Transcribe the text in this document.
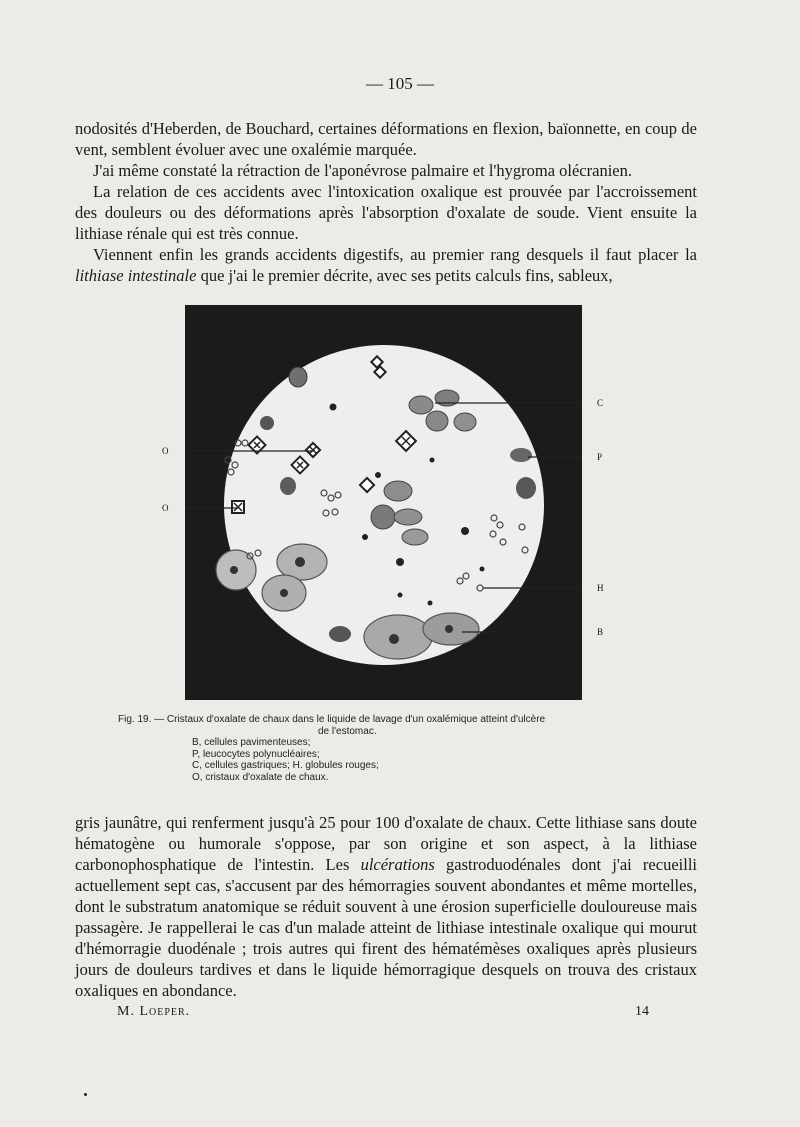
— 105 —

nodosités d'Heberden, de Bouchard, certaines déformations en flexion, baïonnette, en coup de vent, semblent évoluer avec une oxalémie marquée.

J'ai même constaté la rétraction de l'aponévrose palmaire et l'hygroma olécranien.

La relation de ces accidents avec l'intoxication oxalique est prouvée par l'accroissement des douleurs ou des déformations après l'absorption d'oxalate de soude. Vient ensuite la lithiase rénale qui est très connue.

Viennent enfin les grands accidents digestifs, au premier rang desquels il faut placer la lithiase intestinale que j'ai le premier décrite, avec ses petits calculs fins, sableux,

O
O
C
P
H
B
Fig. 19. — Cristaux d'oxalate de chaux dans le liquide de lavage d'un oxalémique atteint d'ulcère
de l'estomac.
B, cellules pavimenteuses;
P, leucocytes polynucléaires;
C, cellules gastriques; H. globules rouges;
O, cristaux d'oxalate de chaux.

gris jaunâtre, qui renferment jusqu'à 25 pour 100 d'oxalate de chaux. Cette lithiase sans doute hématogène ou humorale s'oppose, par son origine et son aspect, à la lithiase carbonophosphatique de l'intestin. Les ulcérations gastroduodénales dont j'ai recueilli actuellement sept cas, s'accusent par des hémorragies souvent abondantes et même mortelles, dont le substratum anatomique se réduit souvent à une érosion superficielle douloureuse mais passagère. Je rappellerai le cas d'un malade atteint de lithiase intestinale oxalique qui mourut d'hémorragie duodénale ; trois autres qui firent des hématémèses oxaliques après plusieurs jours de douleurs tardives et dans le liquide hémorragique desquels on trouva des cristaux oxaliques en abondance.

M. Loeper.	14
